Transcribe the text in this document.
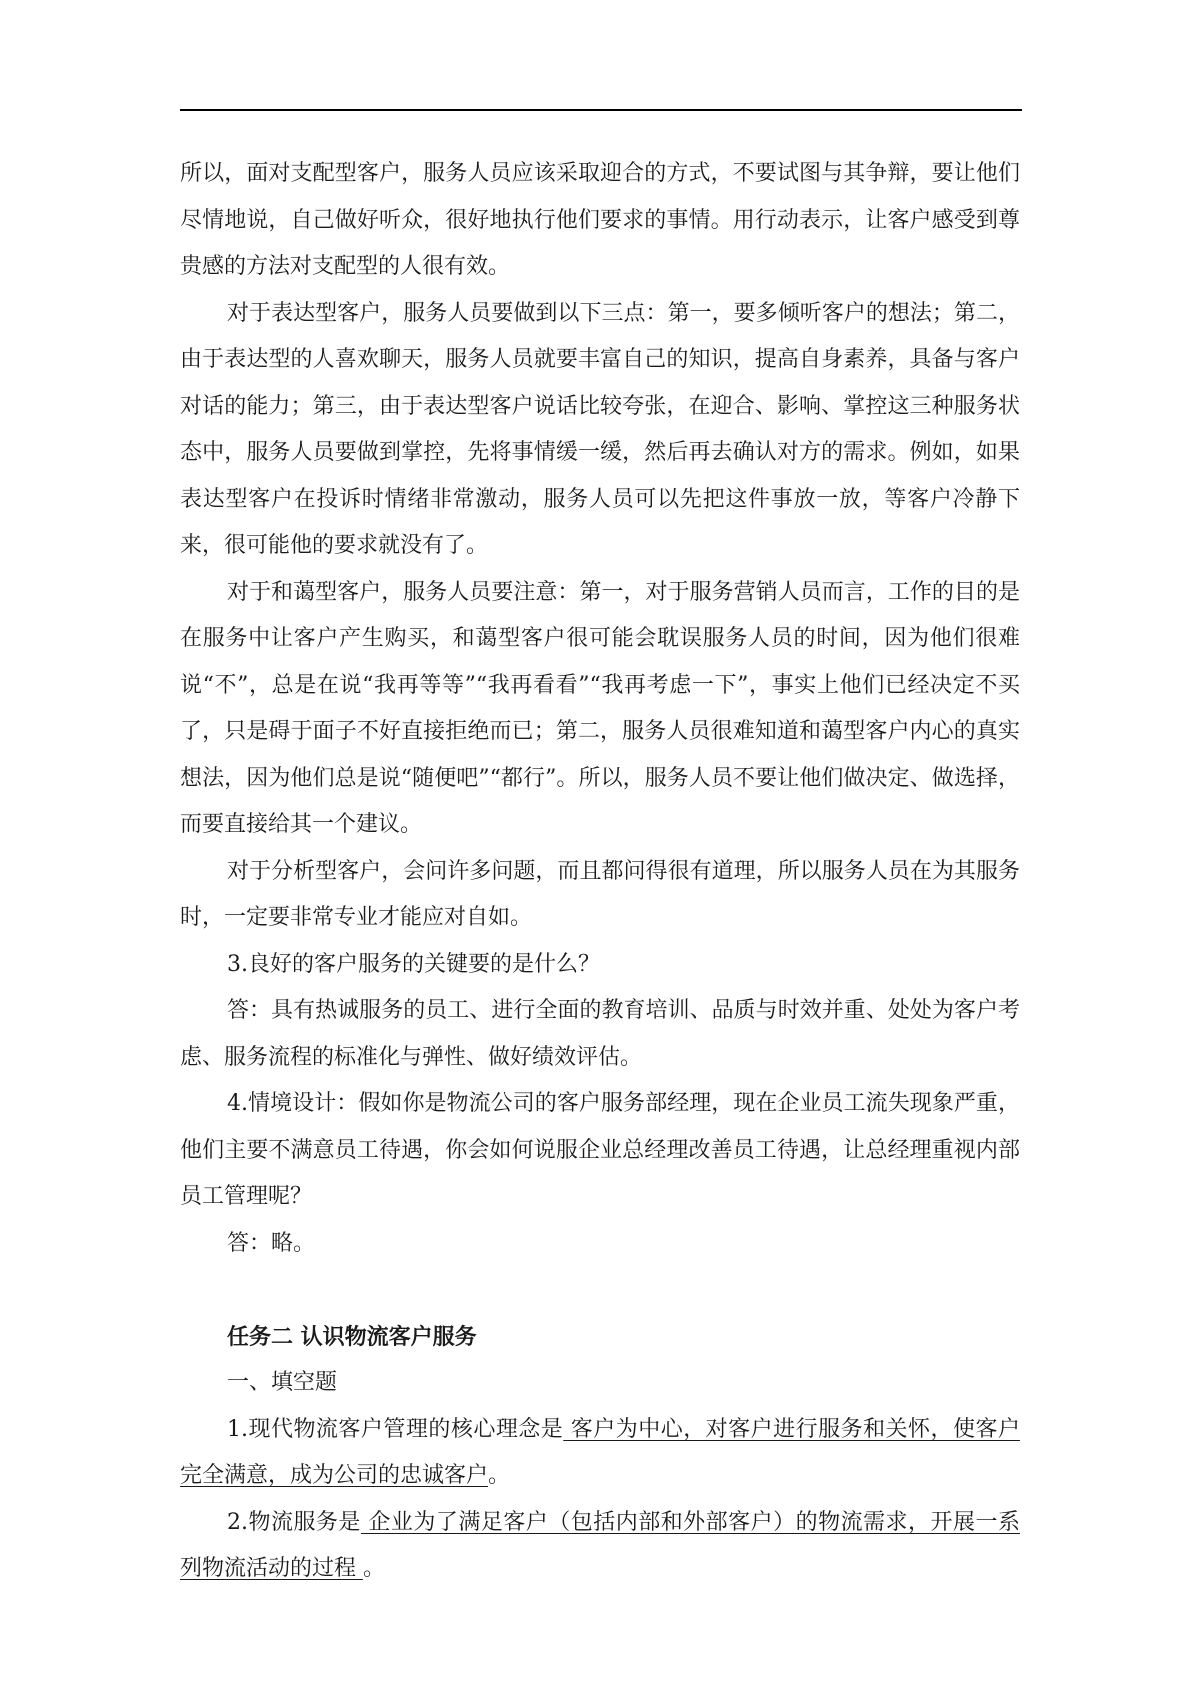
所以，面对支配型客户，服务人员应该采取迎合的方式，不要试图与其争辩，要让他们尽情地说，自己做好听众，很好地执行他们要求的事情。用行动表示，让客户感受到尊贵感的方法对支配型的人很有效。

对于表达型客户，服务人员要做到以下三点：第一，要多倾听客户的想法；第二，由于表达型的人喜欢聊天，服务人员就要丰富自己的知识，提高自身素养，具备与客户对话的能力；第三，由于表达型客户说话比较夸张，在迎合、影响、掌控这三种服务状态中，服务人员要做到掌控，先将事情缓一缓，然后再去确认对方的需求。例如，如果表达型客户在投诉时情绪非常激动，服务人员可以先把这件事放一放，等客户冷静下来，很可能他的要求就没有了。

对于和蔼型客户，服务人员要注意：第一，对于服务营销人员而言，工作的目的是在服务中让客户产生购买，和蔼型客户很可能会耽误服务人员的时间，因为他们很难说“不”，总是在说“我再等等”“我再看看”“我再考虑一下”，事实上他们已经决定不买了，只是碍于面子不好直接拒绝而已；第二，服务人员很难知道和蔼型客户内心的真实想法，因为他们总是说“随便吧”“都行”。所以，服务人员不要让他们做决定、做选择，而要直接给其一个建议。

对于分析型客户，会问许多问题，而且都问得很有道理，所以服务人员在为其服务时，一定要非常专业才能应对自如。

3.良好的客户服务的关键要的是什么？

答：具有热诚服务的员工、进行全面的教育培训、品质与时效并重、处处为客户考虑、服务流程的标准化与弹性、做好绩效评估。

4.情境设计：假如你是物流公司的客户服务部经理，现在企业员工流失现象严重，他们主要不满意员工待遇，你会如何说服企业总经理改善员工待遇，让总经理重视内部员工管理呢？

答：略。

任务二 认识物流客户服务

一、填空题

1.现代物流客户管理的核心理念是 客户为中心，对客户进行服务和关怀，使客户完全满意，成为公司的忠诚客户。

2.物流服务是 企业为了满足客户（包括内部和外部客户）的物流需求，开展一系列物流活动的过程 。
